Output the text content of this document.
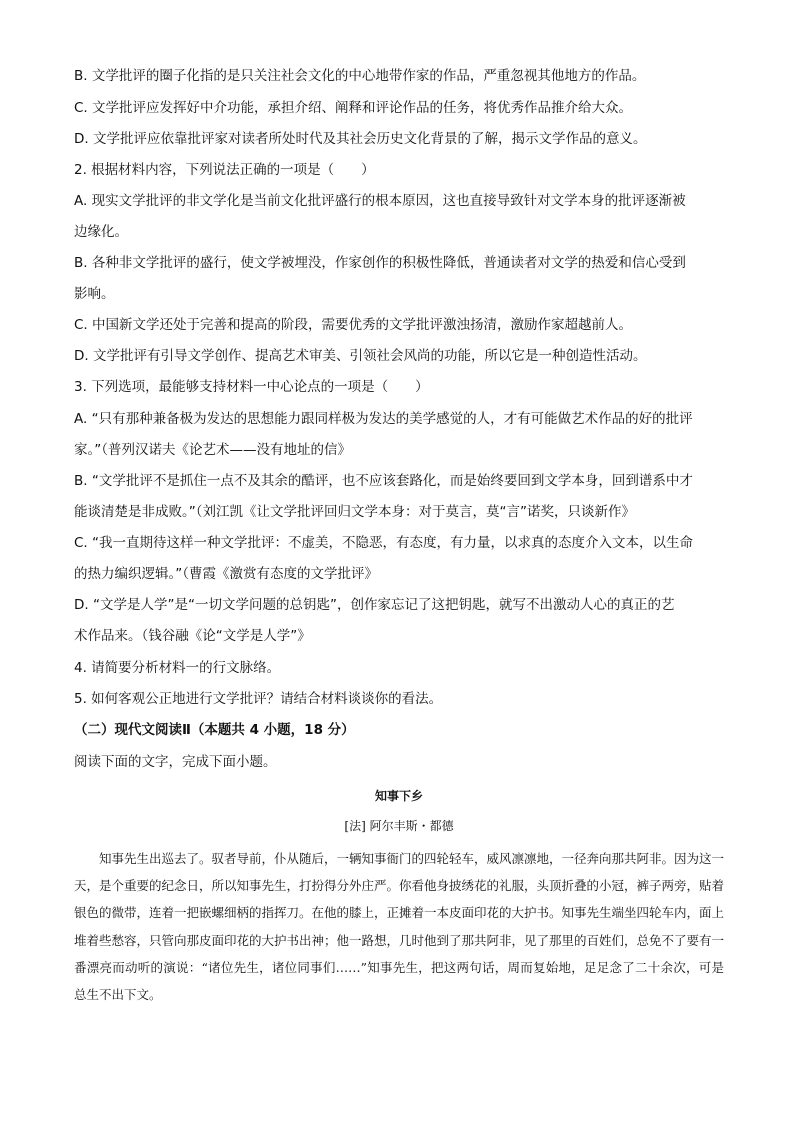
B. 文学批评的圈子化指的是只关注社会文化的中心地带作家的作品，严重忽视其他地方的作品。
C. 文学批评应发挥好中介功能，承担介绍、阐释和评论作品的任务，将优秀作品推介给大众。
D. 文学批评应依靠批评家对读者所处时代及其社会历史文化背景的了解，揭示文学作品的意义。
2. 根据材料内容，下列说法正确的一项是（　　）
A. 现实文学批评的非文学化是当前文化批评盛行的根本原因，这也直接导致针对文学本身的批评逐渐被
边缘化。
B. 各种非文学批评的盛行，使文学被埋没，作家创作的积极性降低，普通读者对文学的热爱和信心受到
影响。
C. 中国新文学还处于完善和提高的阶段，需要优秀的文学批评激浊扬清，激励作家超越前人。
D. 文学批评有引导文学创作、提高艺术审美、引领社会风尚的功能，所以它是一种创造性活动。
3. 下列选项，最能够支持材料一中心论点的一项是（　　）
A. “只有那种兼备极为发达的思想能力跟同样极为发达的美学感觉的人，才有可能做艺术作品的好的批评
家。”（普列汉诺夫《论艺术——没有地址的信》
B. “文学批评不是抓住一点不及其余的酷评，也不应该套路化，而是始终要回到文学本身，回到谱系中才
能谈清楚是非成败。”（刘江凯《让文学批评回归文学本身：对于莫言，莫“言”诺奖，只谈新作》
C. “我一直期待这样一种文学批评：不虚美，不隐恶，有态度，有力量，以求真的态度介入文本，以生命
的热力编织逻辑。”（曹霞《激赏有态度的文学批评》
D. “文学是人学”是“一切文学问题的总钥匙”，创作家忘记了这把钥匙，就写不出激动人心的真正的艺
术作品来。（钱谷融《论“文学是人学”》
4. 请简要分析材料一的行文脉络。
5. 如何客观公正地进行文学批评？请结合材料谈谈你的看法。
（二）现代文阅读Ⅱ（本题共 4 小题，18 分）
阅读下面的文字，完成下面小题。
知事下乡
[法] 阿尔丰斯・都德
知事先生出巡去了。驭者导前，仆从随后，一辆知事衙门的四轮轻车，威风凛凛地，一径奔向那共阿非。因为这一天，是个重要的纪念日，所以知事先生，打扮得分外庄严。你看他身披绣花的礼服，头顶折叠的小冠，裤子两旁，贴着银色的微带，连着一把嵌螺细柄的指挥刀。在他的膝上，正摊着一本皮面印花的大护书。知事先生端坐四轮车内，面上堆着些愁容，只管向那皮面印花的大护书出神；他一路想，几时他到了那共阿非，见了那里的百姓们，总免不了要有一番漂亮而动听的演说：“诸位先生，诸位同事们……”知事先生，把这两句话，周而复始地，足足念了二十余次，可是总生不出下文。
